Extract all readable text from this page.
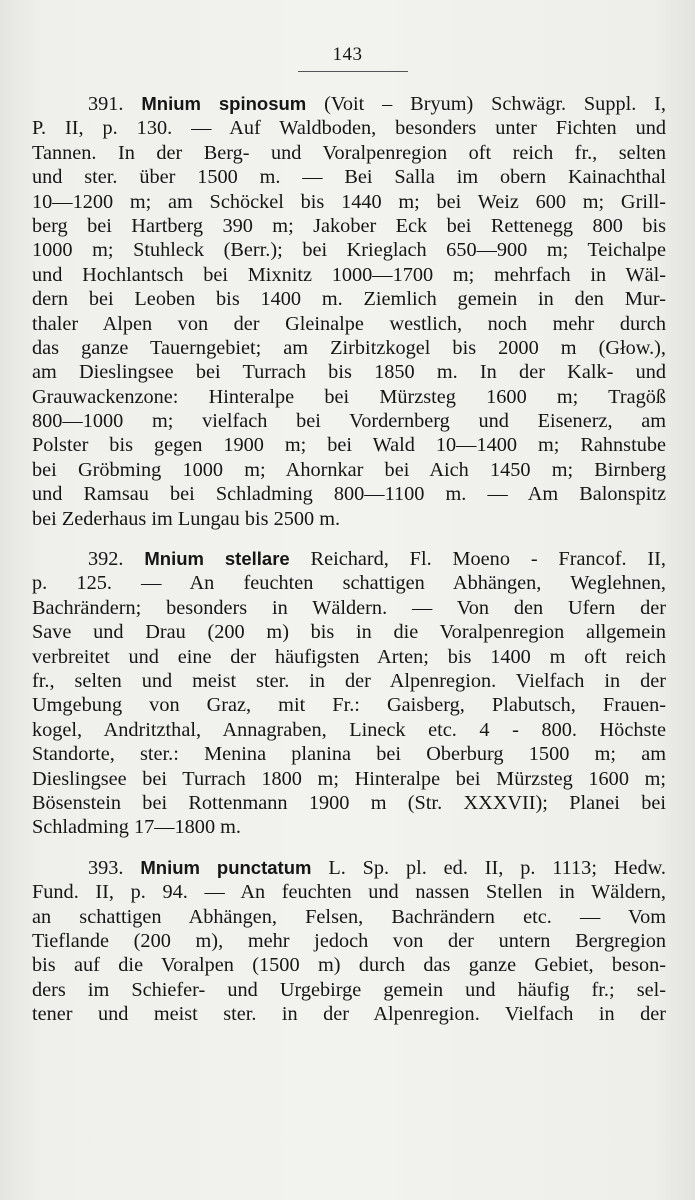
143
391. Mnium spinosum (Voit – Bryum) Schwägr. Suppl. I,
P. II, p. 130. — Auf Waldboden, besonders unter Fichten und
Tannen. In der Berg- und Voralpenregion oft reich fr., selten
und ster. über 1500 m. — Bei Salla im obern Kainachthal
10—1200 m; am Schöckel bis 1440 m; bei Weiz 600 m; Grill-
berg bei Hartberg 390 m; Jakober Eck bei Rettenegg 800 bis
1000 m; Stuhleck (Berr.); bei Krieglach 650—900 m; Teichalpe
und Hochlantsch bei Mixnitz 1000—1700 m; mehrfach in Wäl-
dern bei Leoben bis 1400 m. Ziemlich gemein in den Mur-
thaler Alpen von der Gleinalpe westlich, noch mehr durch
das ganze Tauerngebiet; am Zirbitzkogel bis 2000 m (Głow.),
am Dieslingsee bei Turrach bis 1850 m. In der Kalk- und
Grauwackenzone: Hinteralpe bei Mürzsteg 1600 m; Tragöß
800—1000 m; vielfach bei Vordernberg und Eisenerz, am
Polster bis gegen 1900 m; bei Wald 10—1400 m; Rahnstube
bei Gröbming 1000 m; Ahornkar bei Aich 1450 m; Birnberg
und Ramsau bei Schladming 800—1100 m. — Am Balonspitz
bei Zederhaus im Lungau bis 2500 m.
392. Mnium stellare Reichard, Fl. Moeno - Francof. II,
p. 125. — An feuchten schattigen Abhängen, Weglehnen,
Bachrändern; besonders in Wäldern. — Von den Ufern der
Save und Drau (200 m) bis in die Voralpenregion allgemein
verbreitet und eine der häufigsten Arten; bis 1400 m oft reich
fr., selten und meist ster. in der Alpenregion. Vielfach in der
Umgebung von Graz, mit Fr.: Gaisberg, Plabutsch, Frauen-
kogel, Andritzthal, Annagraben, Lineck etc. 4 - 800. Höchste
Standorte, ster.: Menina planina bei Oberburg 1500 m; am
Dieslingsee bei Turrach 1800 m; Hinteralpe bei Mürzsteg 1600 m;
Bösenstein bei Rottenmann 1900 m (Str. XXXVII); Planei bei
Schladming 17—1800 m.
393. Mnium punctatum L. Sp. pl. ed. II, p. 1113; Hedw.
Fund. II, p. 94. — An feuchten und nassen Stellen in Wäldern,
an schattigen Abhängen, Felsen, Bachrändern etc. — Vom
Tieflande (200 m), mehr jedoch von der untern Bergregion
bis auf die Voralpen (1500 m) durch das ganze Gebiet, beson-
ders im Schiefer- und Urgebirge gemein und häufig fr.; sel-
tener und meist ster. in der Alpenregion. Vielfach in der
